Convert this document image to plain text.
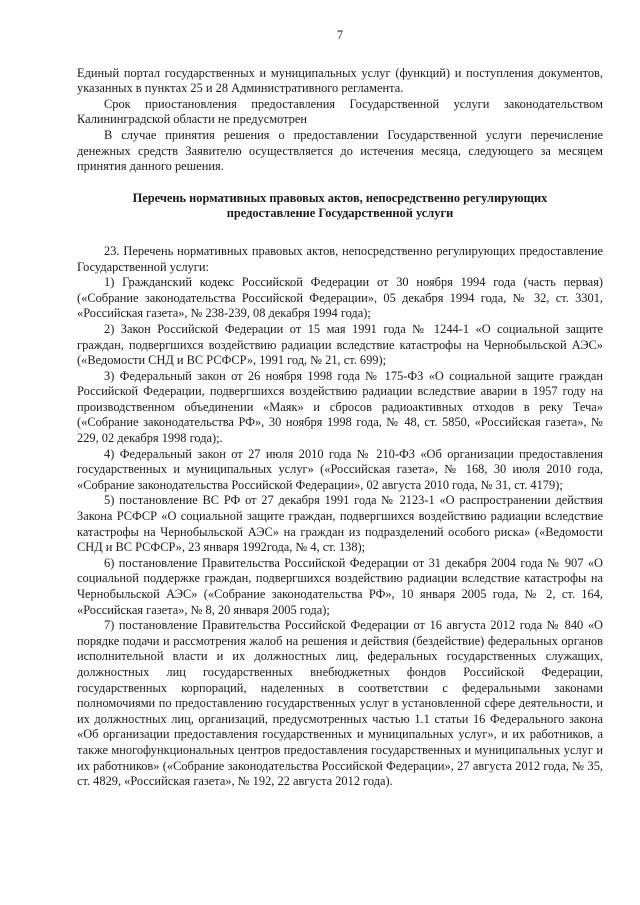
7

Единый портал государственных и муниципальных услуг (функций) и поступления документов, указанных в пунктах 25 и 28 Административного регламента.

Срок приостановления предоставления Государственной услуги законодательством Калининградской области не предусмотрен

В случае принятия решения о предоставлении Государственной услуги перечисление денежных средств Заявителю осуществляется до истечения месяца, следующего за месяцем принятия данного решения.

Перечень нормативных правовых актов, непосредственно регулирующих
предоставление Государственной услуги

23. Перечень нормативных правовых актов, непосредственно регулирующих предоставление Государственной услуги:

1) Гражданский кодекс Российской Федерации от 30 ноября 1994 года (часть первая) («Собрание законодательства Российской Федерации», 05 декабря 1994 года, № 32, ст. 3301, «Российская газета», № 238-239, 08 декабря 1994 года);

2) Закон Российской Федерации от 15 мая 1991 года № 1244-1 «О социальной защите граждан, подвергшихся воздействию радиации вследствие катастрофы на Чернобыльской АЭС» («Ведомости СНД и ВС РСФСР», 1991 год, № 21, ст. 699);

3) Федеральный закон от 26 ноября 1998 года № 175-ФЗ «О социальной защите граждан Российской Федерации, подвергшихся воздействию радиации вследствие аварии в 1957 году на производственном объединении «Маяк» и сбросов радиоактивных отходов в реку Теча» («Собрание законодательства РФ», 30 ноября 1998 года, № 48, ст. 5850, «Российская газета», № 229, 02 декабря 1998 года);.

4) Федеральный закон от 27 июля 2010 года № 210-ФЗ «Об организации предоставления государственных и муниципальных услуг» («Российская газета», № 168, 30 июля 2010 года, «Собрание законодательства Российской Федерации», 02 августа 2010 года, № 31, ст. 4179);

5) постановление ВС РФ от 27 декабря 1991 года № 2123-1 «О распространении действия Закона РСФСР «О социальной защите граждан, подвергшихся воздействию радиации вследствие катастрофы на Чернобыльской АЭС» на граждан из подразделений особого риска» («Ведомости СНД и ВС РСФСР», 23 января 1992года, № 4, ст. 138);

6) постановление Правительства Российской Федерации от 31 декабря 2004 года № 907 «О социальной поддержке граждан, подвергшихся воздействию радиации вследствие катастрофы на Чернобыльской АЭС» («Собрание законодательства РФ», 10 января 2005 года, № 2, ст. 164, «Российская газета», № 8, 20 января 2005 года);

7) постановление Правительства Российской Федерации от 16 августа 2012 года № 840 «О порядке подачи и рассмотрения жалоб на решения и действия (бездействие) федеральных органов исполнительной власти и их должностных лиц, федеральных государственных служащих, должностных лиц государственных внебюджетных фондов Российской Федерации, государственных корпораций, наделенных в соответствии с федеральными законами полномочиями по предоставлению государственных услуг в установленной сфере деятельности, и их должностных лиц, организаций, предусмотренных частью 1.1 статьи 16 Федерального закона «Об организации предоставления государственных и муниципальных услуг», и их работников, а также многофункциональных центров предоставления государственных и муниципальных услуг и их работников» («Собрание законодательства Российской Федерации», 27 августа 2012 года, № 35, ст. 4829, «Российская газета», № 192, 22 августа 2012 года).
